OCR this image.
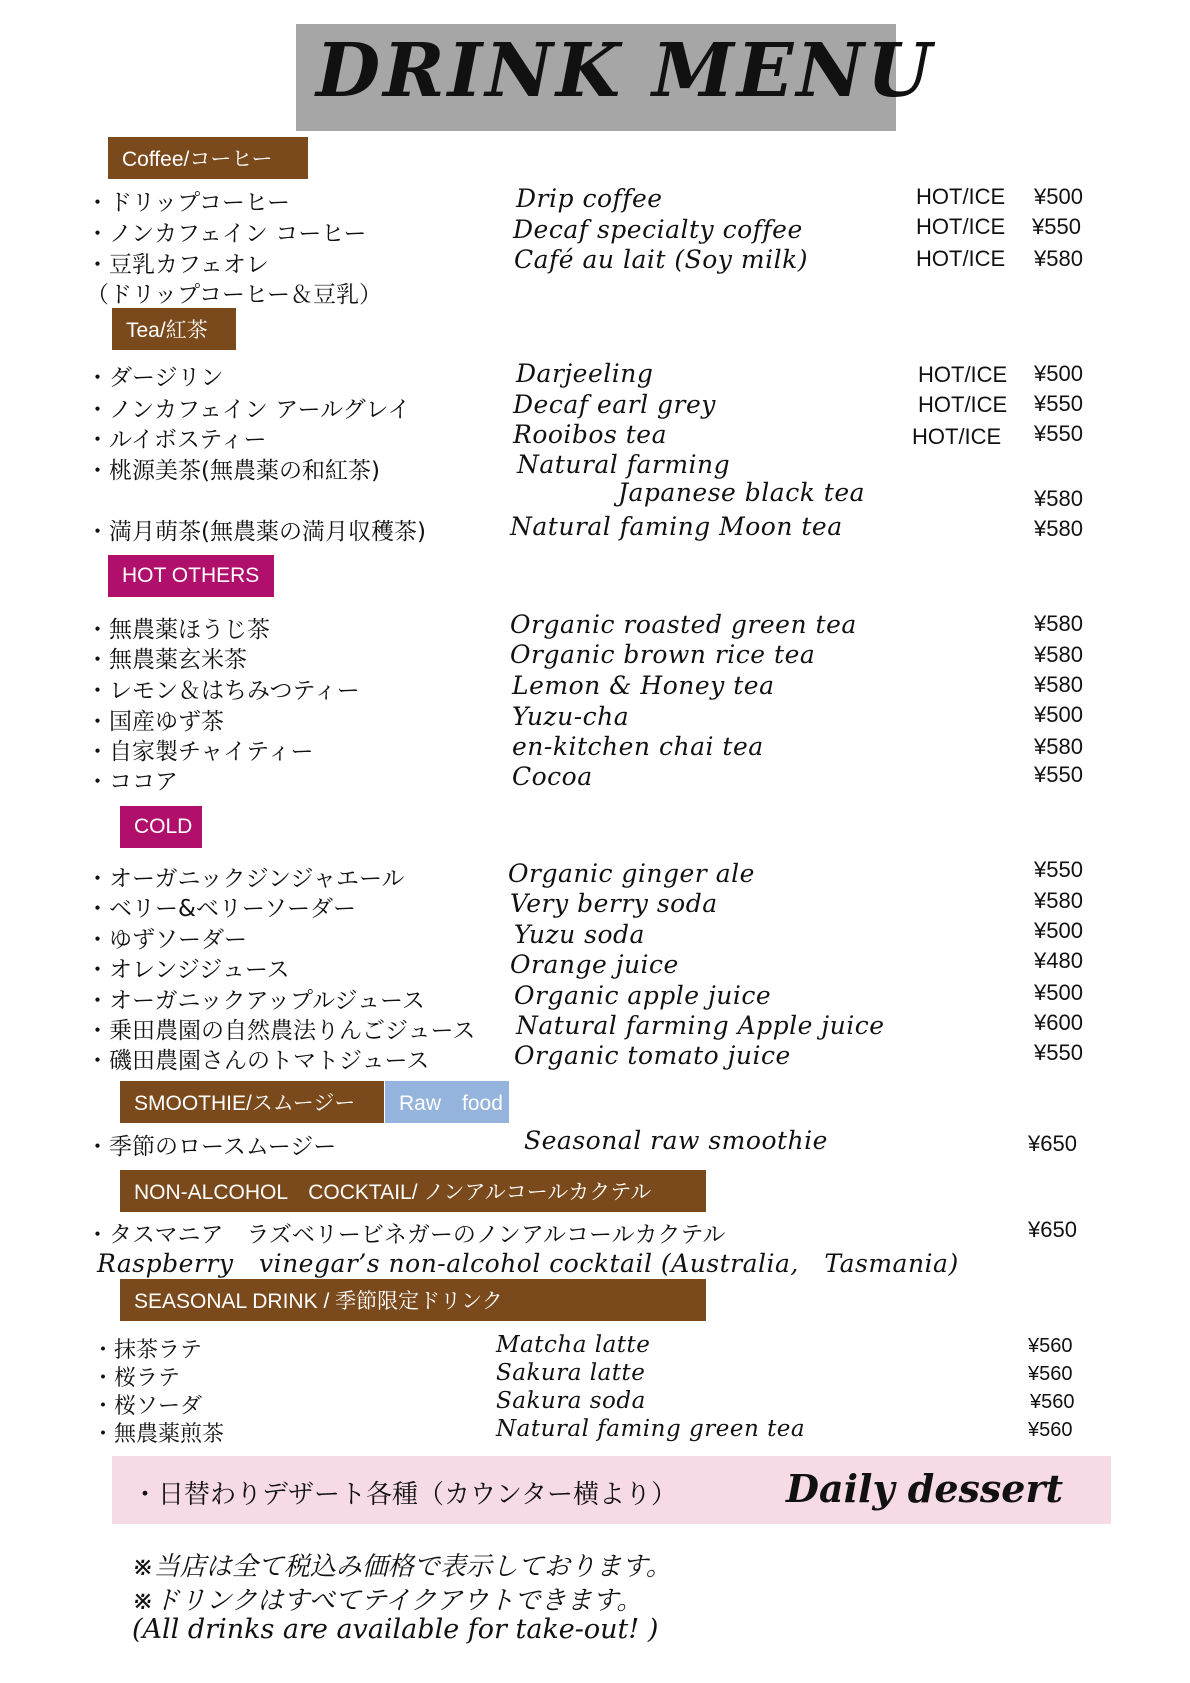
DRINK MENU
Coffee/コーヒー
・ドリップコーヒー	Drip coffee	HOT/ICE ¥500
・ノンカフェイン コーヒー	Decaf specialty coffee	HOT/ICE ¥550
・豆乳カフェオレ	Café au lait (Soy milk)	HOT/ICE ¥580
（ドリップコーヒー＆豆乳）
Tea/紅茶
・ダージリン	Darjeeling	HOT/ICE ¥500
・ノンカフェイン アールグレイ	Decaf earl grey	HOT/ICE ¥550
・ルイボスティー	Rooibos tea	HOT/ICE ¥550
・桃源美茶(無農薬の和紅茶)	Natural farming
Japanese black tea	¥580
・満月萌茶(無農薬の満月収穫茶)	Natural faming Moon tea	¥580
HOT OTHERS
・無農薬ほうじ茶	Organic roasted green tea	¥580
・無農薬玄米茶	Organic brown rice tea	¥580
・レモン＆はちみつティー	Lemon & Honey tea	¥580
・国産ゆず茶	Yuzu-cha	¥500
・自家製チャイティー	en-kitchen chai tea	¥580
・ココア	Cocoa	¥550
COLD
・オーガニックジンジャエール	Organic ginger ale	¥550
・ベリー&ベリーソーダー	Very berry soda	¥580
・ゆずソーダー	Yuzu soda	¥500
・オレンジジュース	Orange juice	¥480
・オーガニックアップルジュース	Organic apple juice	¥500
・乗田農園の自然農法りんごジュース Natural farming Apple juice	¥600
・磯田農園さんのトマトジュース	Organic tomato juice	¥550
SMOOTHIE/スムージー	Raw　food
・季節のロースムージー	Seasonal raw smoothie	¥650
NON-ALCOHOL　COCKTAIL/ ノンアルコールカクテル
・タスマニア　ラズベリービネガーのノンアルコールカクテル	¥650
Raspberry　vinegar’s non-alcohol cocktail (Australia,　Tasmania)
SEASONAL DRINK / 季節限定ドリンク
・抹茶ラテ	Matcha latte	¥560
・桜ラテ	Sakura latte	¥560
・桜ソーダ	Sakura soda	¥560
・無農薬煎茶	Natural faming green tea	¥560
・日替わりデザート各種（カウンター横より）	Daily dessert
※当店は全て税込み価格で表示しております。
※ドリンクはすべてテイクアウトできます。
(All drinks are available for take-out! )
